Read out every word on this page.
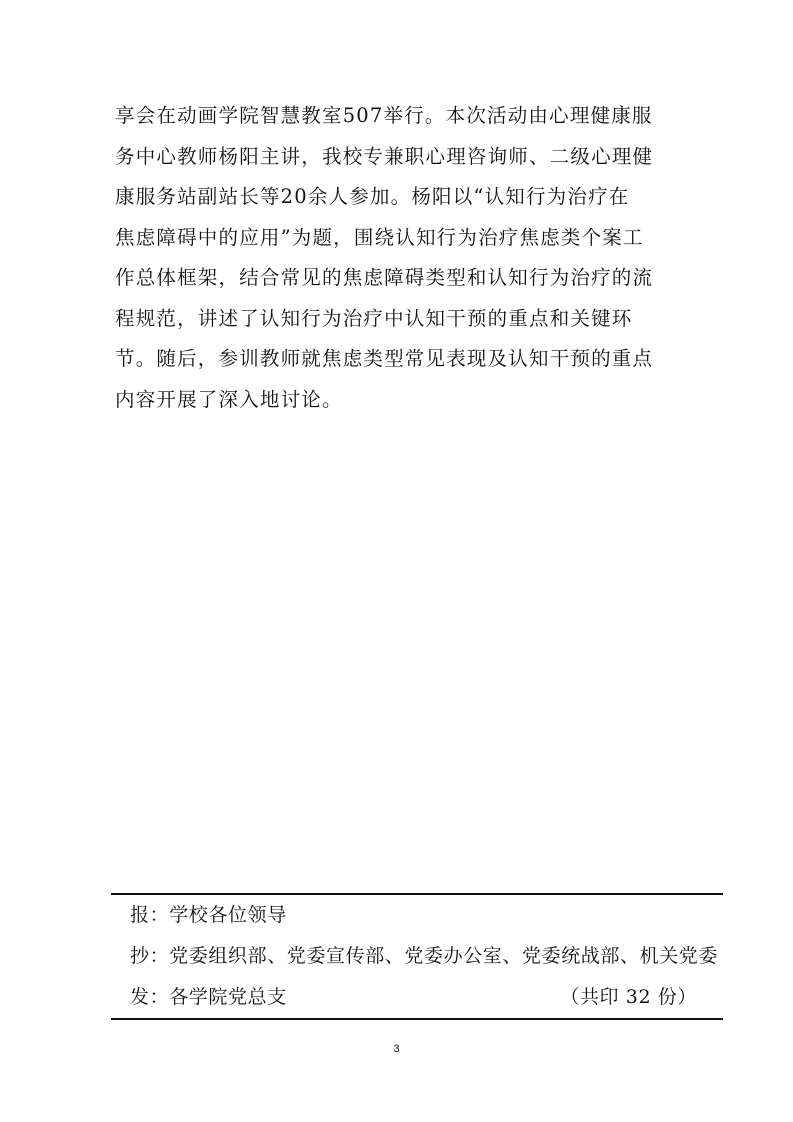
享会在动画学院智慧教室507举行。本次活动由心理健康服
务中心教师杨阳主讲，我校专兼职心理咨询师、二级心理健
康服务站副站长等20余人参加。杨阳以“认知行为治疗在
焦虑障碍中的应用”为题，围绕认知行为治疗焦虑类个案工
作总体框架，结合常见的焦虑障碍类型和认知行为治疗的流
程规范，讲述了认知行为治疗中认知干预的重点和关键环
节。随后，参训教师就焦虑类型常见表现及认知干预的重点
内容开展了深入地讨论。
报：学校各位领导
抄：党委组织部、党委宣传部、党委办公室、党委统战部、机关党委
发：各学院党总支	（共印 32 份）
3
